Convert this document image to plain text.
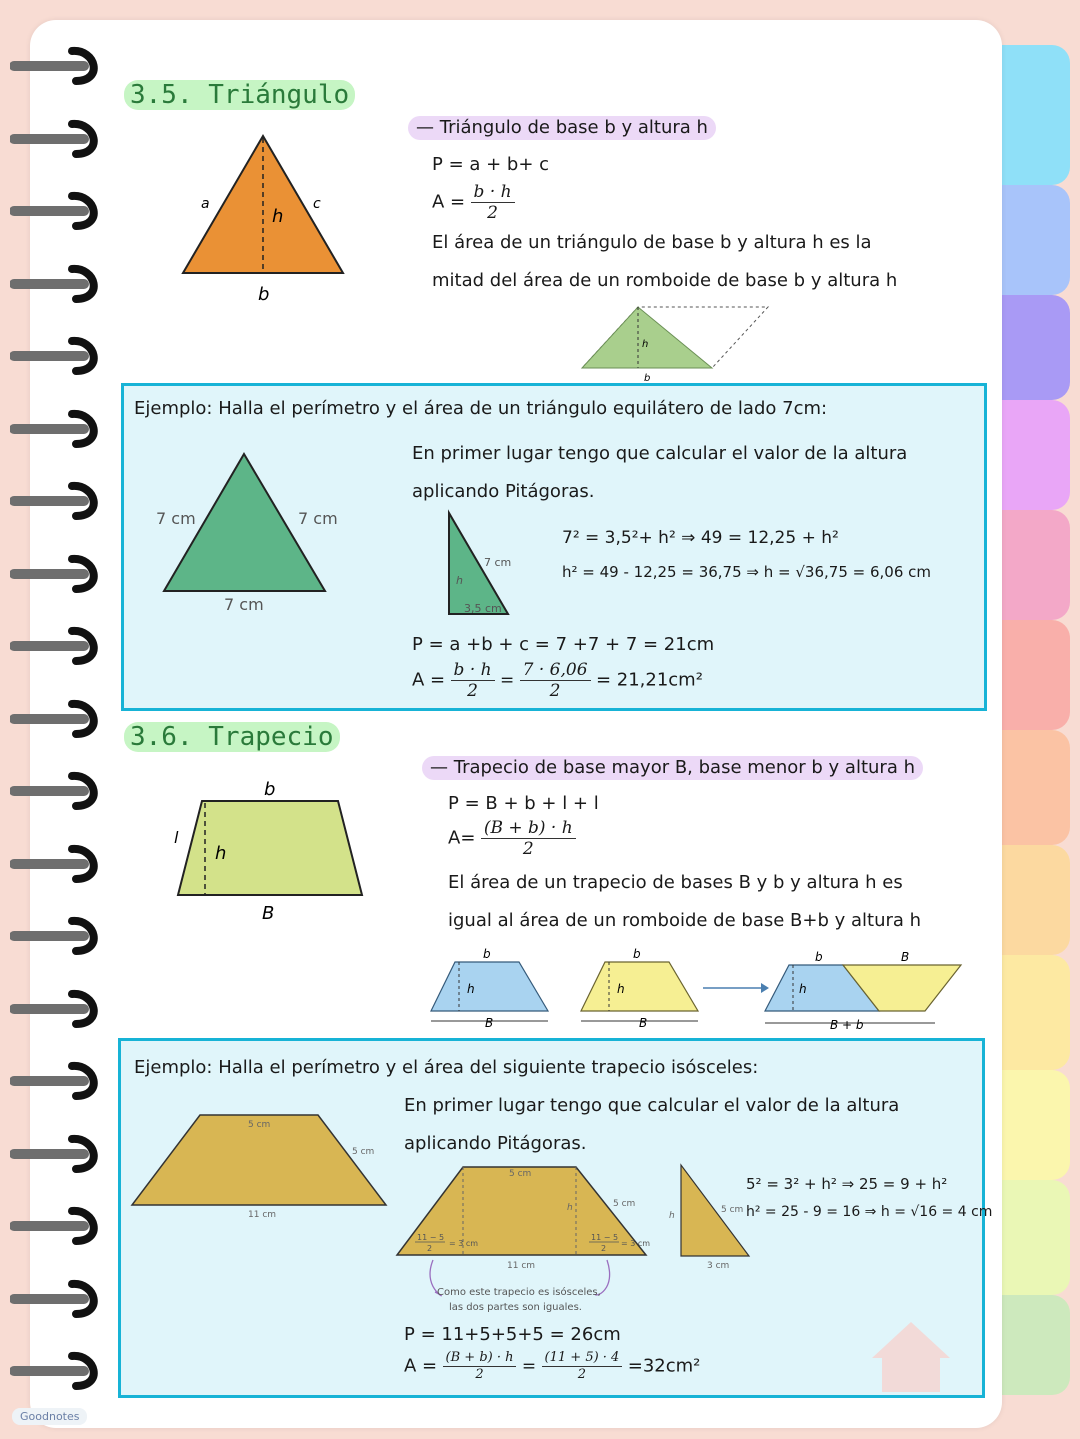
3.5. Triángulo
a	c
h
b
— Triángulo de base b y altura h
P = a + b+ c
$A = \frac{b \cdot h}{2}$
El área de un triángulo de base b y altura h es la
mitad del área de un romboide de base b y altura h
h
b
Ejemplo: Halla el perímetro y el área de un triángulo equilátero de lado 7cm:
7 cm	7 cm
7 cm
En primer lugar tengo que calcular el valor de la altura
aplicando Pitágoras.
7 cm
h
3,5 cm
7² = 3,5²+ h² ⇒ 49 = 12,25 + h²
h² = 49 - 12,25 = 36,75 ⇒ h = √36,75 = 6,06 cm
P = a +b + c = 7 +7 + 7 = 21cm
$A = \frac{b \cdot h}{2} = \frac{7 \cdot 6,06}{2} = 21,21cm^2$
3.6. Trapecio
b
l
h
B
— Trapecio de base mayor B, base menor b y altura h
P = B + b + l + l
$A= \frac{(B + b) \cdot h}{2}$
El área de un trapecio de bases B y b y altura h es
igual al área de un romboide de base B+b y altura h
b
h
B
b
h
B
b	B
h
B + b
Ejemplo: Halla el perímetro y el área del siguiente trapecio isósceles:
5 cm
5 cm
11 cm
En primer lugar tengo que calcular el valor de la altura
aplicando Pitágoras.
5 cm
5 cm
h
11 − 5
2
= 3 cm
11 − 5
2
= 3 cm
11 cm
Como este trapecio es isósceles,
las dos partes son iguales.
h
5 cm
3 cm
5² = 3² + h² ⇒ 25 = 9 + h²
h² = 25 - 9 = 16 ⇒ h = √16 = 4 cm
P = 11+5+5+5 = 26cm
$A = \frac{(B + b) \cdot h}{2} = \frac{(11 + 5) \cdot 4}{2} =32cm^2$
Goodnotes
